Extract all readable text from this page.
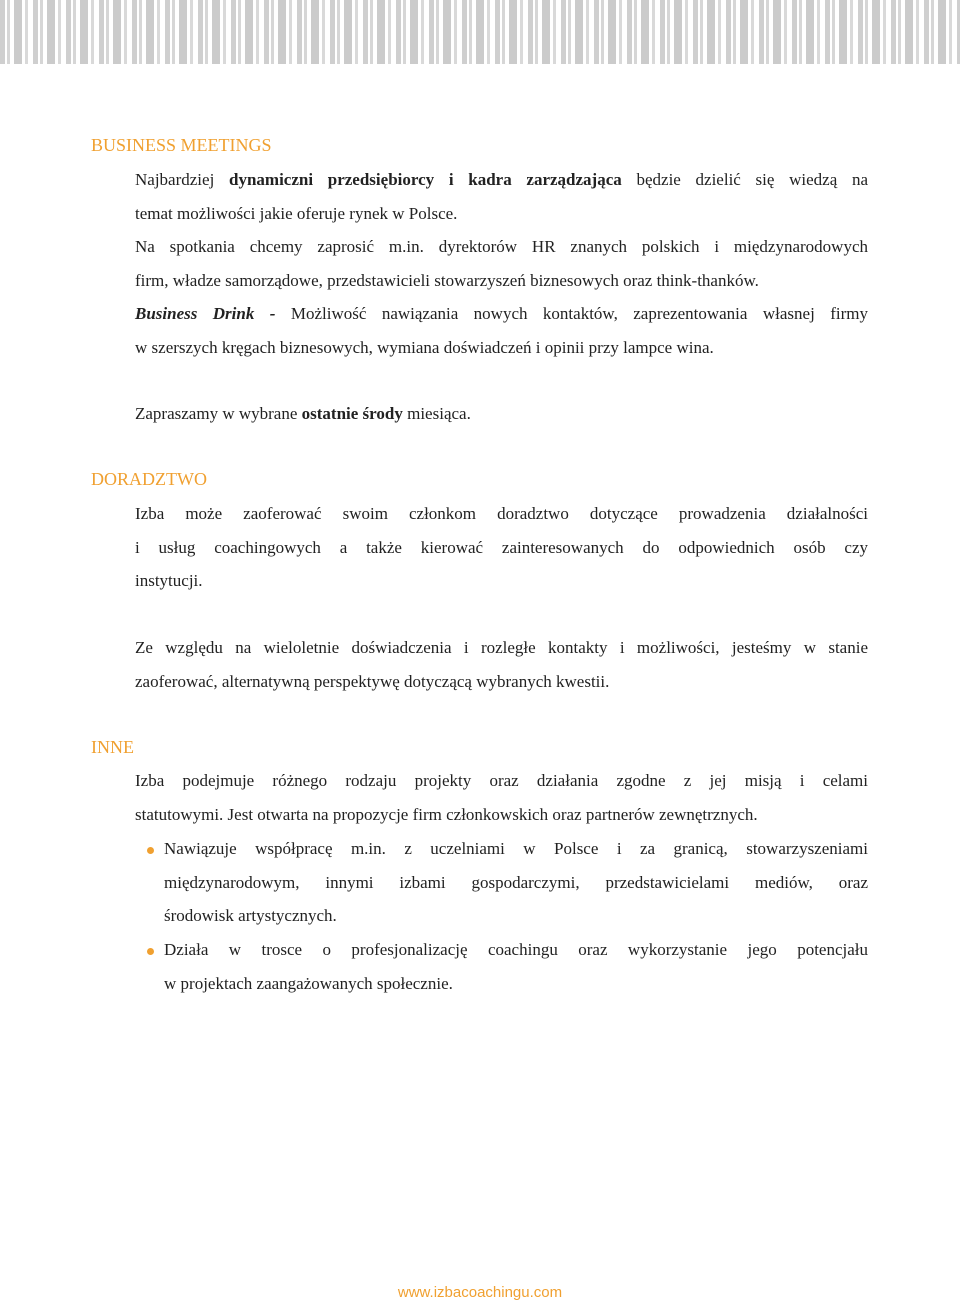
BUSINESS MEETINGS

Najbardziej dynamiczni przedsiębiorcy i kadra zarządzająca będzie dzielić się wiedzą na
temat możliwości jakie oferuje rynek w Polsce.

Na spotkania chcemy zaprosić m.in. dyrektorów HR znanych polskich i międzynarodowych
firm, władze samorządowe, przedstawicieli stowarzyszeń biznesowych oraz think-thanków.

Business Drink - Możliwość nawiązania nowych kontaktów, zaprezentowania własnej firmy
w szerszych kręgach biznesowych, wymiana doświadczeń i opinii przy lampce wina.

Zapraszamy w wybrane ostatnie środy miesiąca.

DORADZTWO

Izba może zaoferować swoim członkom doradztwo dotyczące prowadzenia działalności
i usług coachingowych a także kierować zainteresowanych do odpowiednich osób czy
instytucji.

Ze względu na wieloletnie doświadczenia i rozległe kontakty i możliwości, jesteśmy w stanie
zaoferować, alternatywną perspektywę dotyczącą wybranych kwestii.

INNE

Izba podejmuje różnego rodzaju projekty oraz działania zgodne z jej misją i celami
statutowymi. Jest otwarta na propozycje firm członkowskich oraz partnerów zewnętrznych.

Nawiązuje współpracę m.in. z uczelniami w Polsce i za granicą, stowarzyszeniami
międzynarodowym, innymi izbami gospodarczymi, przedstawicielami mediów, oraz
środowisk artystycznych.
Działa w trosce o profesjonalizację coachingu oraz wykorzystanie jego potencjału
w projektach zaangażowanych społecznie.
www.izbacoachingu.com
